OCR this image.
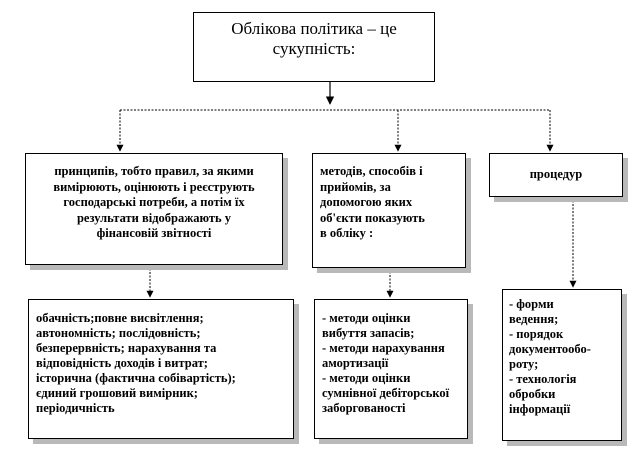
Облікова політика – це
сукупність:
принципів, тобто правил, за якими
вимірюють, оцінюють і реєструють
господарські потреби, а потім їх
результати відображають у
фінансовій звітності
методів, способів і
прийомів, за
допомогою яких
об'єкти показують
в обліку :
процедур
обачність;повне висвітлення;
автономність; послідовність;
безперервність; нарахування та
відповідність доходів і витрат;
історична (фактична собівартість);
єдиний грошовий вимірник;
періодичність
- методи оцінки
вибуття запасів;
- методи нарахування
амортизації
- методи оцінки
сумнівної дебіторської
заборгованості
- форми
ведення;
- порядок
документообо-
роту;
- технологія
обробки
інформації
